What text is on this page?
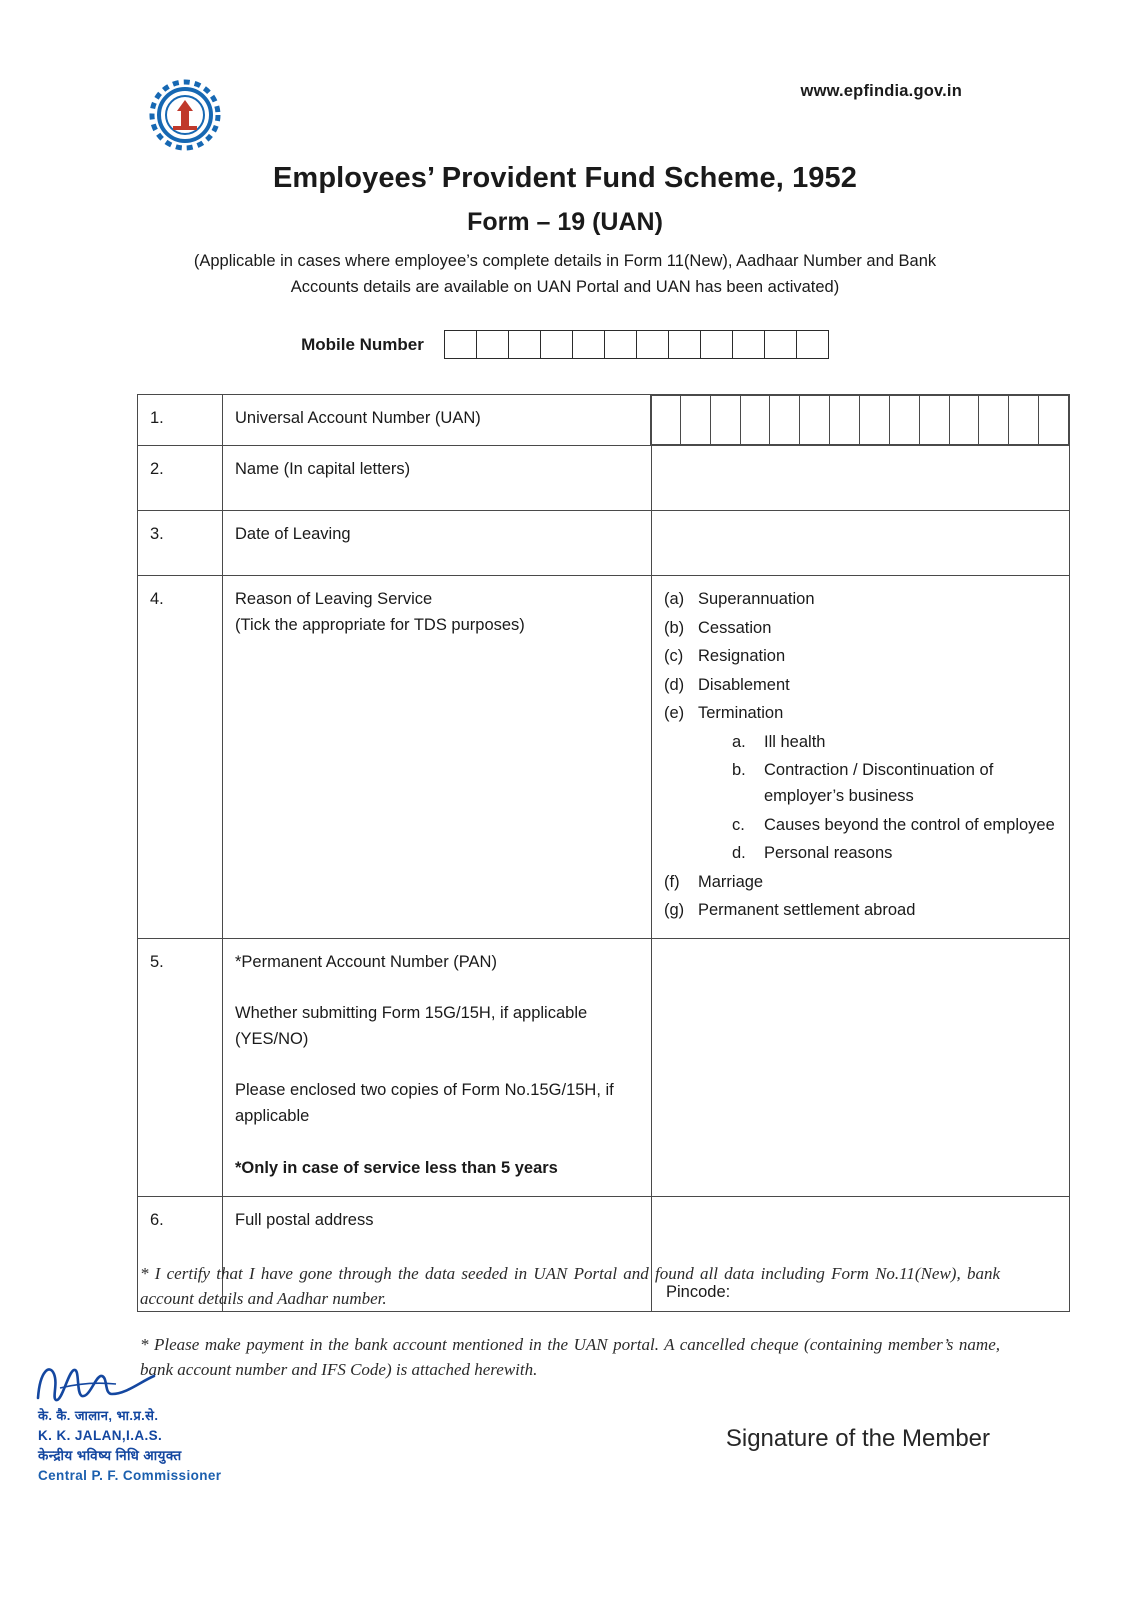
www.epfindia.gov.in
Employees’ Provident Fund Scheme, 1952
Form – 19 (UAN)
(Applicable in cases where employee’s complete details in Form 11(New), Aadhaar Number and Bank Accounts details are available on UAN Portal and UAN has been activated)
Mobile Number
1.	Universal Account Number (UAN)	

2.	Name (In capital letters)	
3.	Date of Leaving	
4.	Reason of Leaving Service
(Tick the appropriate for TDS purposes)

(a) Superannuation
(b) Cessation
(c) Resignation
(d) Disablement
(e) Termination
a.	Ill health
b.	Contraction / Discontinuation of employer’s business
c.	Causes beyond the control of employee
d.	Personal reasons
(f)	Marriage
(g) Permanent settlement abroad

5.	*Permanent Account Number (PAN)

Whether submitting Form 15G/15H, if applicable (YES/NO)

Please enclosed two copies of Form No.15G/15H, if applicable

*Only in case of service less than 5 years	

6.	Full postal address	Pincode:

* I certify that I have gone through the data seeded in UAN Portal and found all data including Form No.11(New), bank account details and Aadhar number.

* Please make payment in the bank account mentioned in the UAN portal. A cancelled cheque (containing member’s name, bank account number and IFS Code) is attached herewith.

के. कै. जालान, भा.प्र.से.
K. K. JALAN,I.A.S.
केन्द्रीय भविष्य निधि आयुक्त
Central P. F. Commissioner
Signature of the Member
